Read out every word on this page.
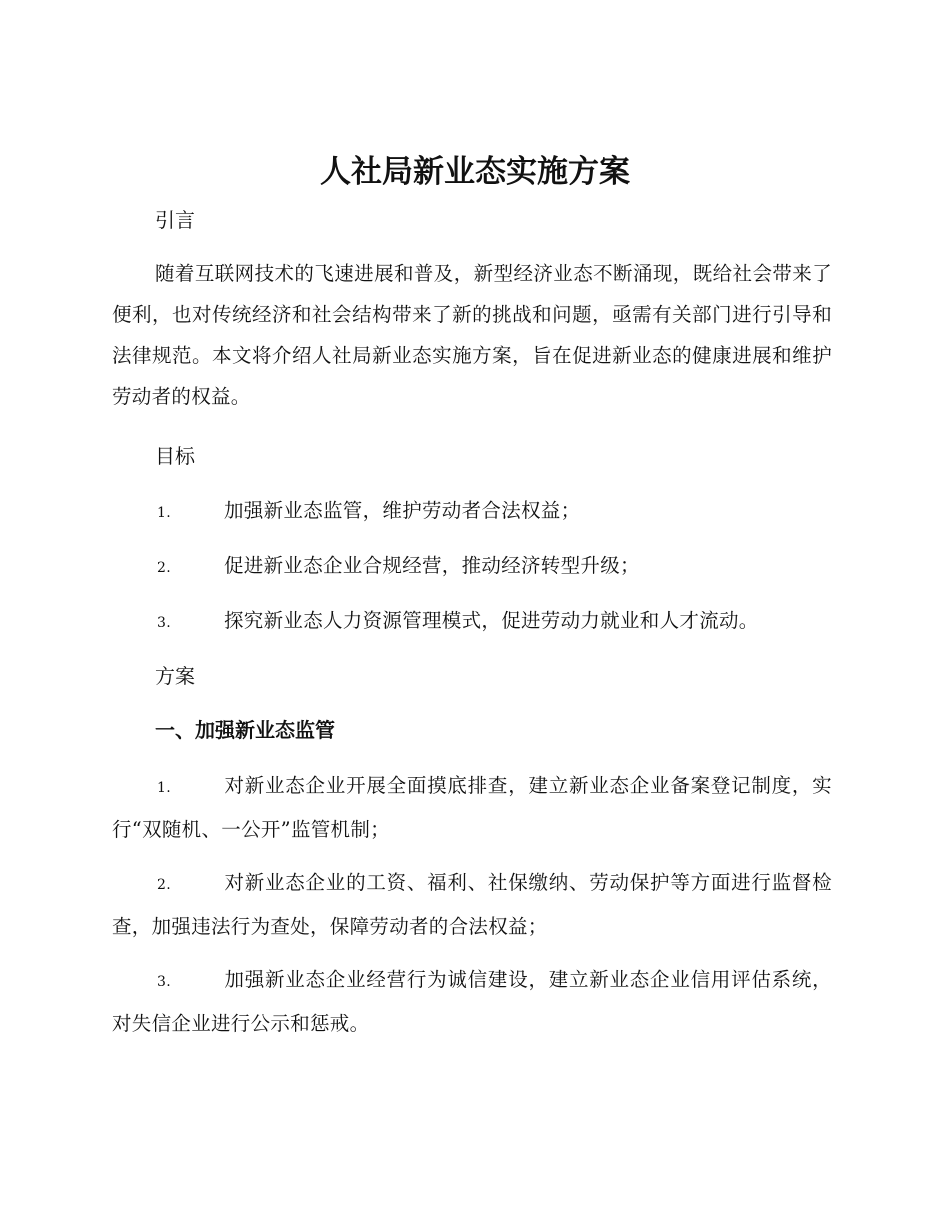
人社局新业态实施方案
引言
随着互联网技术的飞速进展和普及，新型经济业态不断涌现，既给社会带来了便利，也对传统经济和社会结构带来了新的挑战和问题，亟需有关部门进行引导和法律规范。本文将介绍人社局新业态实施方案，旨在促进新业态的健康进展和维护劳动者的权益。
目标
1.	加强新业态监管，维护劳动者合法权益；
2.	促进新业态企业合规经营，推动经济转型升级；
3.	探究新业态人力资源管理模式，促进劳动力就业和人才流动。
方案
一、加强新业态监管
1.	对新业态企业开展全面摸底排查，建立新业态企业备案登记制度，实行“双随机、一公开”监管机制；
2.	对新业态企业的工资、福利、社保缴纳、劳动保护等方面进行监督检查，加强违法行为查处，保障劳动者的合法权益；
3.	加强新业态企业经营行为诚信建设，建立新业态企业信用评估系统，对失信企业进行公示和惩戒。
